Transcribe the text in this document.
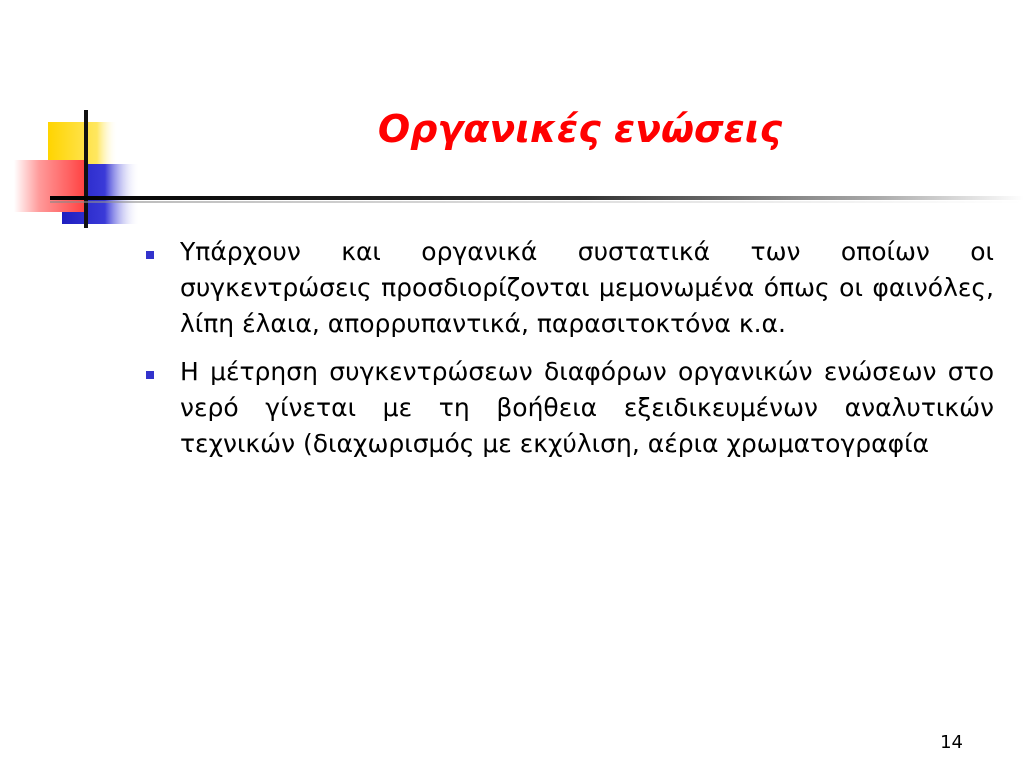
Οργανικές ενώσεις
Υπάρχουν και οργανικά συστατικά των οποίων οι συγκεντρώσεις προσδιορίζονται μεμονωμένα όπως οι φαινόλες, λίπη έλαια, απορρυπαντικά, παρασιτοκτόνα κ.α.
Η μέτρηση συγκεντρώσεων διαφόρων οργανικών ενώσεων στο νερό γίνεται με τη βοήθεια εξειδικευμένων αναλυτικών τεχνικών (διαχωρισμός με εκχύλιση, αέρια χρωματογραφία
14
